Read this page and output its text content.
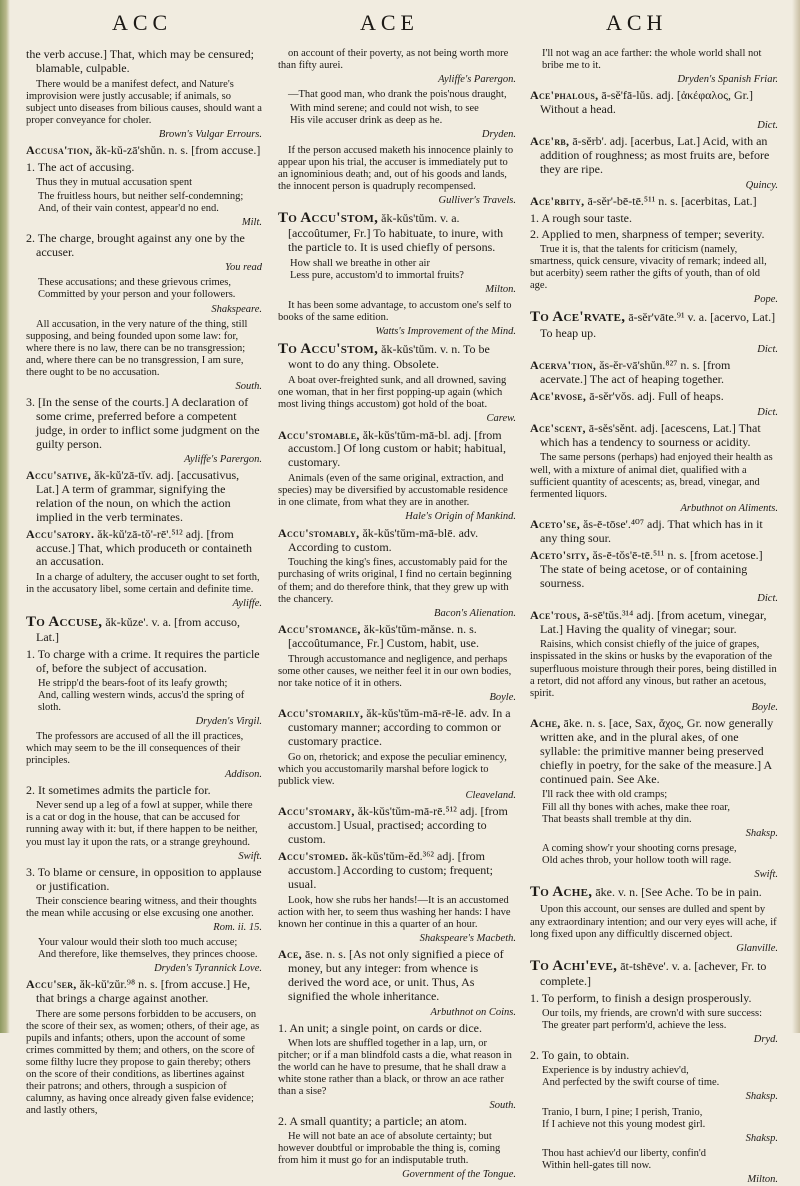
ACC	ACE	ACH

the verb accuse.] That, which may be censured; blamable, culpable.

There would be a manifest defect, and Nature's improvision were justly accusable; if animals, so subject unto diseases from bilious causes, should want a proper conveyance for choler.

Brown's Vulgar Errours.

Accusa'tion, ăk-kŭ-zā'shŭn. n. s. [from accuse.]

1. The act of accusing.

Thus they in mutual accusation spent

The fruitless hours, but neither self-condemning;
And, of their vain contest, appear'd no end.

Milt.

2. The charge, brought against any one by the accuser.

You read

These accusations; and these grievous crimes,
Committed by your person and your followers.

Shakspeare.

All accusation, in the very nature of the thing, still supposing, and being founded upon some law: for, where there is no law, there can be no transgression; and, where there can be no transgression, I am sure, there ought to be no accusation.

South.

3. [In the sense of the courts.] A declaration of some crime, preferred before a competent judge, in order to inflict some judgment on the guilty person.

Ayliffe's Parergon.

Accu'sative, ăk-kŭ'zā-tĭv. adj. [accusativus, Lat.] A term of grammar, signifying the relation of the noun, on which the action implied in the verb terminates.

Accu'satory. ăk-kŭ'zā-tŏ'-rē'.⁵¹² adj. [from accuse.] That, which produceth or containeth an accusation.

In a charge of adultery, the accuser ought to set forth, in the accusatory libel, some certain and definite time.

Ayliffe.

To Accuse, ăk-kŭze'. v. a. [from accuso, Lat.]

1. To charge with a crime. It requires the particle of, before the subject of accusation.

He stripp'd the bears-foot of its leafy growth;
And, calling western winds, accus'd the spring of sloth.

Dryden's Virgil.

The professors are accused of all the ill practices, which may seem to be the ill consequences of their principles.

Addison.

2. It sometimes admits the particle for.

Never send up a leg of a fowl at supper, while there is a cat or dog in the house, that can be accused for running away with it: but, if there happen to be neither, you must lay it upon the rats, or a strange greyhound.

Swift.

3. To blame or censure, in opposition to applause or justification.

Their conscience bearing witness, and their thoughts the mean while accusing or else excusing one another.

Rom. ii. 15.

Your valour would their sloth too much accuse;
And therefore, like themselves, they princes choose.

Dryden's Tyrannick Love.

Accu'ser, ăk-kŭ'zŭr.⁹⁸ n. s. [from accuse.] He, that brings a charge against another.

There are some persons forbidden to be accusers, on the score of their sex, as women; others, of their age, as pupils and infants; others, upon the account of some crimes committed by them; and others, on the score of some filthy lucre they propose to gain thereby; others on the score of their conditions, as libertines against their patrons; and others, through a suspicion of calumny, as having once already given false evidence; and lastly others,

on account of their poverty, as not being worth more than fifty aurei.

Ayliffe's Parergon.

—That good man, who drank the pois'nous draught,

With mind serene; and could not wish, to see
His vile accuser drink as deep as he.

Dryden.

If the person accused maketh his innocence plainly to appear upon his trial, the accuser is immediately put to an ignominious death; and, out of his goods and lands, the innocent person is quadruply recompensed.

Gulliver's Travels.

To Accu'stom, ăk-kŭs'tŭm. v. a. [accoûtumer, Fr.] To habituate, to inure, with the particle to. It is used chiefly of persons.

How shall we breathe in other air
Less pure, accustom'd to immortal fruits?

Milton.

It has been some advantage, to accustom one's self to books of the same edition.

Watts's Improvement of the Mind.

To Accu'stom, ăk-kŭs'tŭm. v. n. To be wont to do any thing. Obsolete.

A boat over-freighted sunk, and all drowned, saving one woman, that in her first popping-up again (which most living things accustom) got hold of the boat.

Carew.

Accu'stomable, ăk-kŭs'tŭm-mā-bl. adj. [from accustom.] Of long custom or habit; habitual, customary.

Animals (even of the same original, extraction, and species) may be diversified by accustomable residence in one climate, from what they are in another.

Hale's Origin of Mankind.

Accu'stomably, ăk-kŭs'tŭm-mā-blē. adv. According to custom.

Touching the king's fines, accustomably paid for the purchasing of writs original, I find no certain beginning of them; and do therefore think, that they grew up with the chancery.

Bacon's Alienation.

Accu'stomance, ăk-kŭs'tŭm-mănse. n. s. [accoûtumance, Fr.] Custom, habit, use.

Through accustomance and negligence, and perhaps some other causes, we neither feel it in our own bodies, nor take notice of it in others.

Boyle.

Accu'stomarily, ăk-kŭs'tŭm-mā-rē-lē. adv. In a customary manner; according to common or customary practice.

Go on, rhetorick; and expose the peculiar eminency, which you accustomarily marshal before logick to publick view.

Cleaveland.

Accu'stomary, ăk-kŭs'tŭm-mā-rē.⁵¹² adj. [from accustom.] Usual, practised; according to custom.

Accu'stomed. ăk-kŭs'tŭm-ĕd.³⁶² adj. [from accustom.] According to custom; frequent; usual.

Look, how she rubs her hands!—It is an accustomed action with her, to seem thus washing her hands: I have known her continue in this a quarter of an hour.

Shakspeare's Macbeth.

Ace, āse. n. s. [As not only signified a piece of money, but any integer: from whence is derived the word ace, or unit. Thus, As signified the whole inheritance.

Arbuthnot on Coins.

1. An unit; a single point, on cards or dice.

When lots are shuffled together in a lap, urn, or pitcher; or if a man blindfold casts a die, what reason in the world can he have to presume, that he shall draw a white stone rather than a black, or throw an ace rather than a sise?

South.

2. A small quantity; a particle; an atom.

He will not bate an ace of absolute certainty; but however doubtful or improbable the thing is, coming from him it must go for an indisputable truth.

Government of the Tongue.

I'll not wag an ace farther: the whole world shall not bribe me to it.

Dryden's Spanish Friar.

Ace'phalous, ā-sĕ'fā-lŭs. adj. [ἀκέφαλος, Gr.] Without a head.

Dict.

Ace'rb, ā-sĕrb'. adj. [acerbus, Lat.] Acid, with an addition of roughness; as most fruits are, before they are ripe.

Quincy.

Ace'rbity, ā-sĕr'-bē-tē.⁵¹¹ n. s. [acerbitas, Lat.]

1. A rough sour taste.

2. Applied to men, sharpness of temper; severity.

True it is, that the talents for criticism (namely, smartness, quick censure, vivacity of remark; indeed all, but acerbity) seem rather the gifts of youth, than of old age.

Pope.

To Ace'rvate, ā-sĕr'vāte.⁹¹ v. a. [acervo, Lat.] To heap up.

Dict.

Acerva'tion, ăs-ĕr-vā'shŭn.⁸²⁷ n. s. [from acervate.] The act of heaping together.

Ace'rvose, ā-sĕr'vŏs. adj. Full of heaps.

Dict.

Ace'scent, ā-sĕs'sĕnt. adj. [acescens, Lat.] That which has a tendency to sourness or acidity.

The same persons (perhaps) had enjoyed their health as well, with a mixture of animal diet, qualified with a sufficient quantity of acescents; as, bread, vinegar, and fermented liquors.

Arbuthnot on Aliments.

Aceto'se, ăs-ē-tōse'.⁴⁰⁷ adj. That which has in it any thing sour.

Aceto'sity, ăs-ē-tŏs'ē-tē.⁵¹¹ n. s. [from acetose.] The state of being acetose, or of containing sourness.

Dict.

Ace'tous, ā-sē'tŭs.³¹⁴ adj. [from acetum, vinegar, Lat.] Having the quality of vinegar; sour.

Raisins, which consist chiefly of the juice of grapes, inspissated in the skins or husks by the evaporation of the superfluous moisture through their pores, being distilled in a retort, did not afford any vinous, but rather an acetous, spirit.

Boyle.

Ache, āke. n. s. [ace, Sax, ἄχος, Gr. now generally written ake, and in the plural akes, of one syllable: the primitive manner being preserved chiefly in poetry, for the sake of the measure.] A continued pain. See Ake.

I'll rack thee with old cramps;
Fill all thy bones with aches, make thee roar,
That beasts shall tremble at thy din.

Shaksp.

A coming show'r your shooting corns presage,
Old aches throb, your hollow tooth will rage.

Swift.

To Ache, āke. v. n. [See Ache. To be in pain.

Upon this account, our senses are dulled and spent by any extraordinary intention; and our very eyes will ache, if long fixed upon any difficultly discerned object.

Glanville.

To Achi'eve, āt-tshēve'. v. a. [achever, Fr. to complete.]

1. To perform, to finish a design prosperously.

Our toils, my friends, are crown'd with sure success:
The greater part perform'd, achieve the less.

Dryd.

2. To gain, to obtain.

Experience is by industry achiev'd,
And perfected by the swift course of time.

Shaksp.

Tranio, I burn, I pine; I perish, Tranio,
If I achieve not this young modest girl.

Shaksp.

Thou hast achiev'd our liberty, confin'd
Within hell-gates till now.

Milton.
